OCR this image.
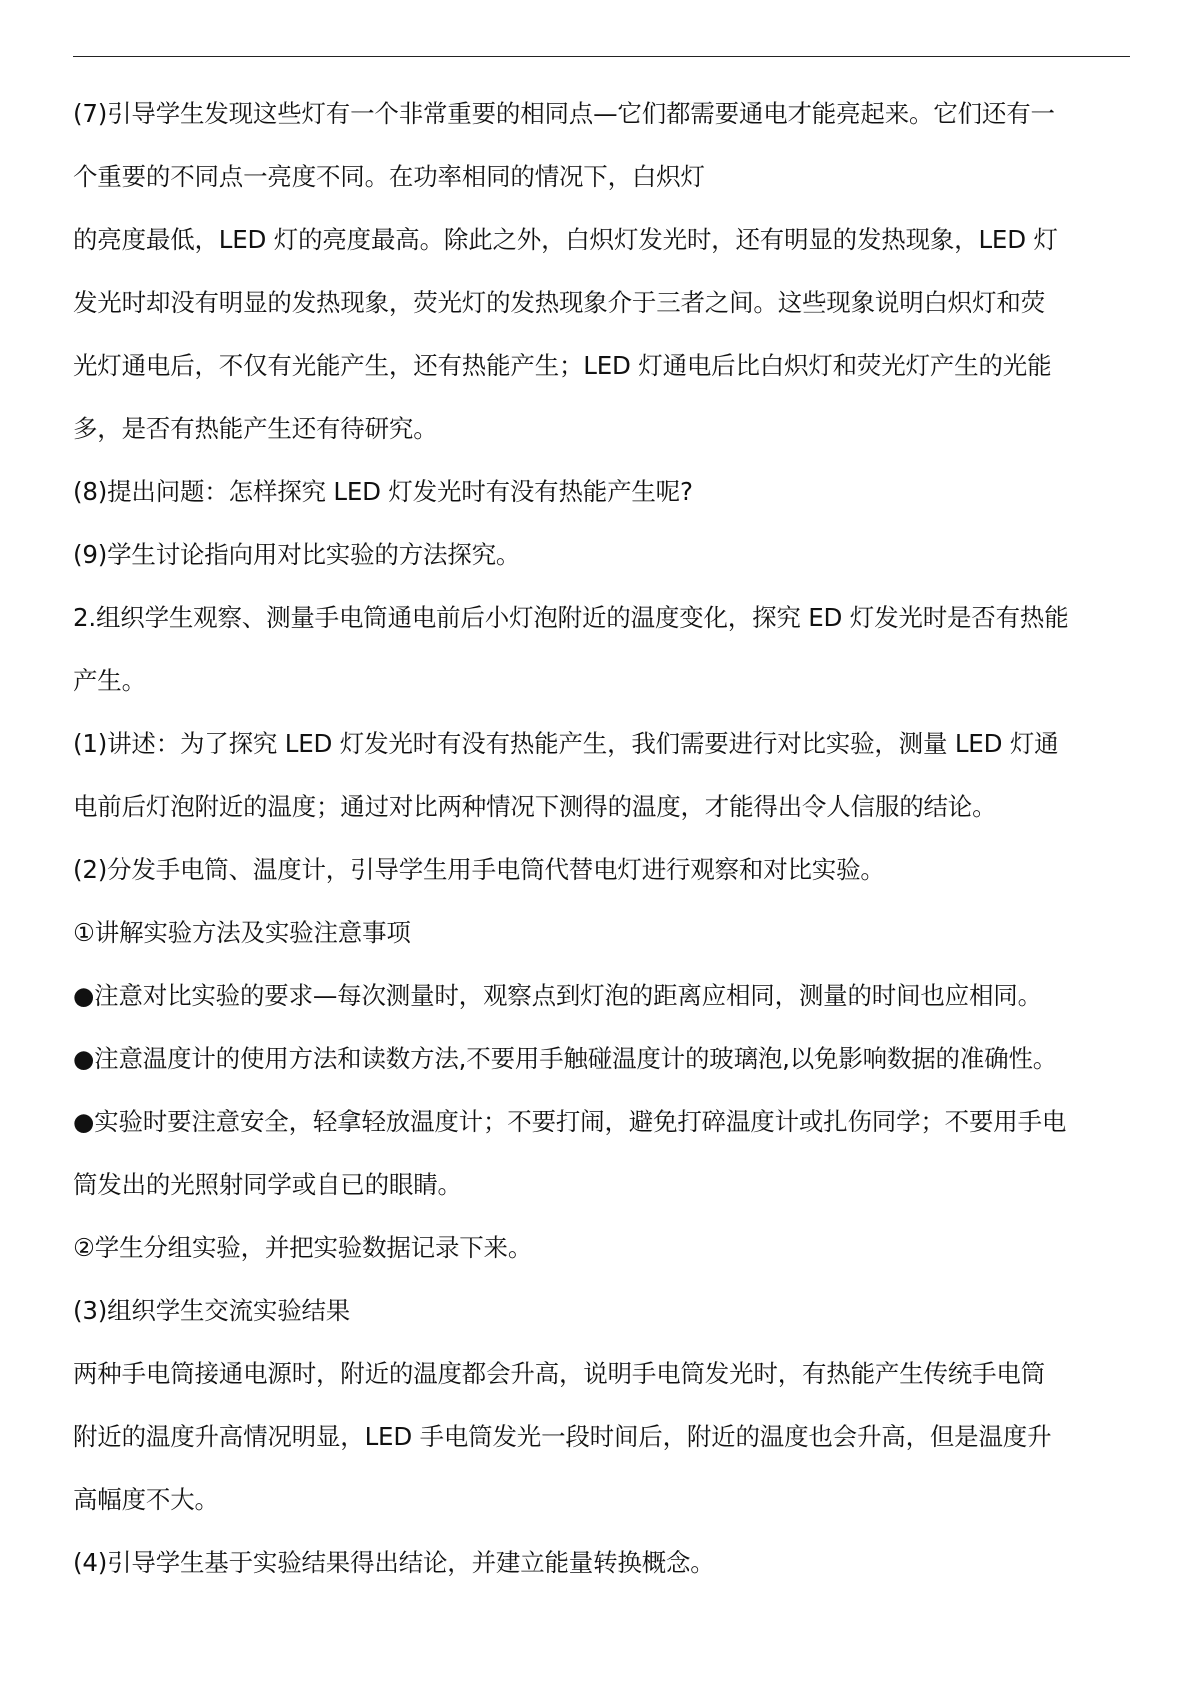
(7)引导学生发现这些灯有一个非常重要的相同点—它们都需要通电才能亮起来。它们还有一
个重要的不同点一亮度不同。在功率相同的情况下，白炽灯
的亮度最低，LED 灯的亮度最高。除此之外，白炽灯发光时，还有明显的发热现象，LED 灯
发光时却没有明显的发热现象，荧光灯的发热现象介于三者之间。这些现象说明白炽灯和荧
光灯通电后，不仅有光能产生，还有热能产生；LED 灯通电后比白炽灯和荧光灯产生的光能
多，是否有热能产生还有待研究。
(8)提出问题：怎样探究 LED 灯发光时有没有热能产生呢?
(9)学生讨论指向用对比实验的方法探究。
2.组织学生观察、测量手电筒通电前后小灯泡附近的温度变化，探究 ED 灯发光时是否有热能
产生。
(1)讲述：为了探究 LED 灯发光时有没有热能产生，我们需要进行对比实验，测量 LED 灯通
电前后灯泡附近的温度；通过对比两种情况下测得的温度，才能得出令人信服的结论。
(2)分发手电筒、温度计，引导学生用手电筒代替电灯进行观察和对比实验。
①讲解实验方法及实验注意事项
●注意对比实验的要求—每次测量时，观察点到灯泡的距离应相同，测量的时间也应相同。
●注意温度计的使用方法和读数方法,不要用手触碰温度计的玻璃泡,以免影响数据的准确性。
●实验时要注意安全，轻拿轻放温度计；不要打闹，避免打碎温度计或扎伤同学；不要用手电
筒发出的光照射同学或自已的眼睛。
②学生分组实验，并把实验数据记录下来。
(3)组织学生交流实验结果
两种手电筒接通电源时，附近的温度都会升高，说明手电筒发光时，有热能产生传统手电筒
附近的温度升高情况明显，LED 手电筒发光一段时间后，附近的温度也会升高，但是温度升
高幅度不大。
(4)引导学生基于实验结果得出结论，并建立能量转换概念。
